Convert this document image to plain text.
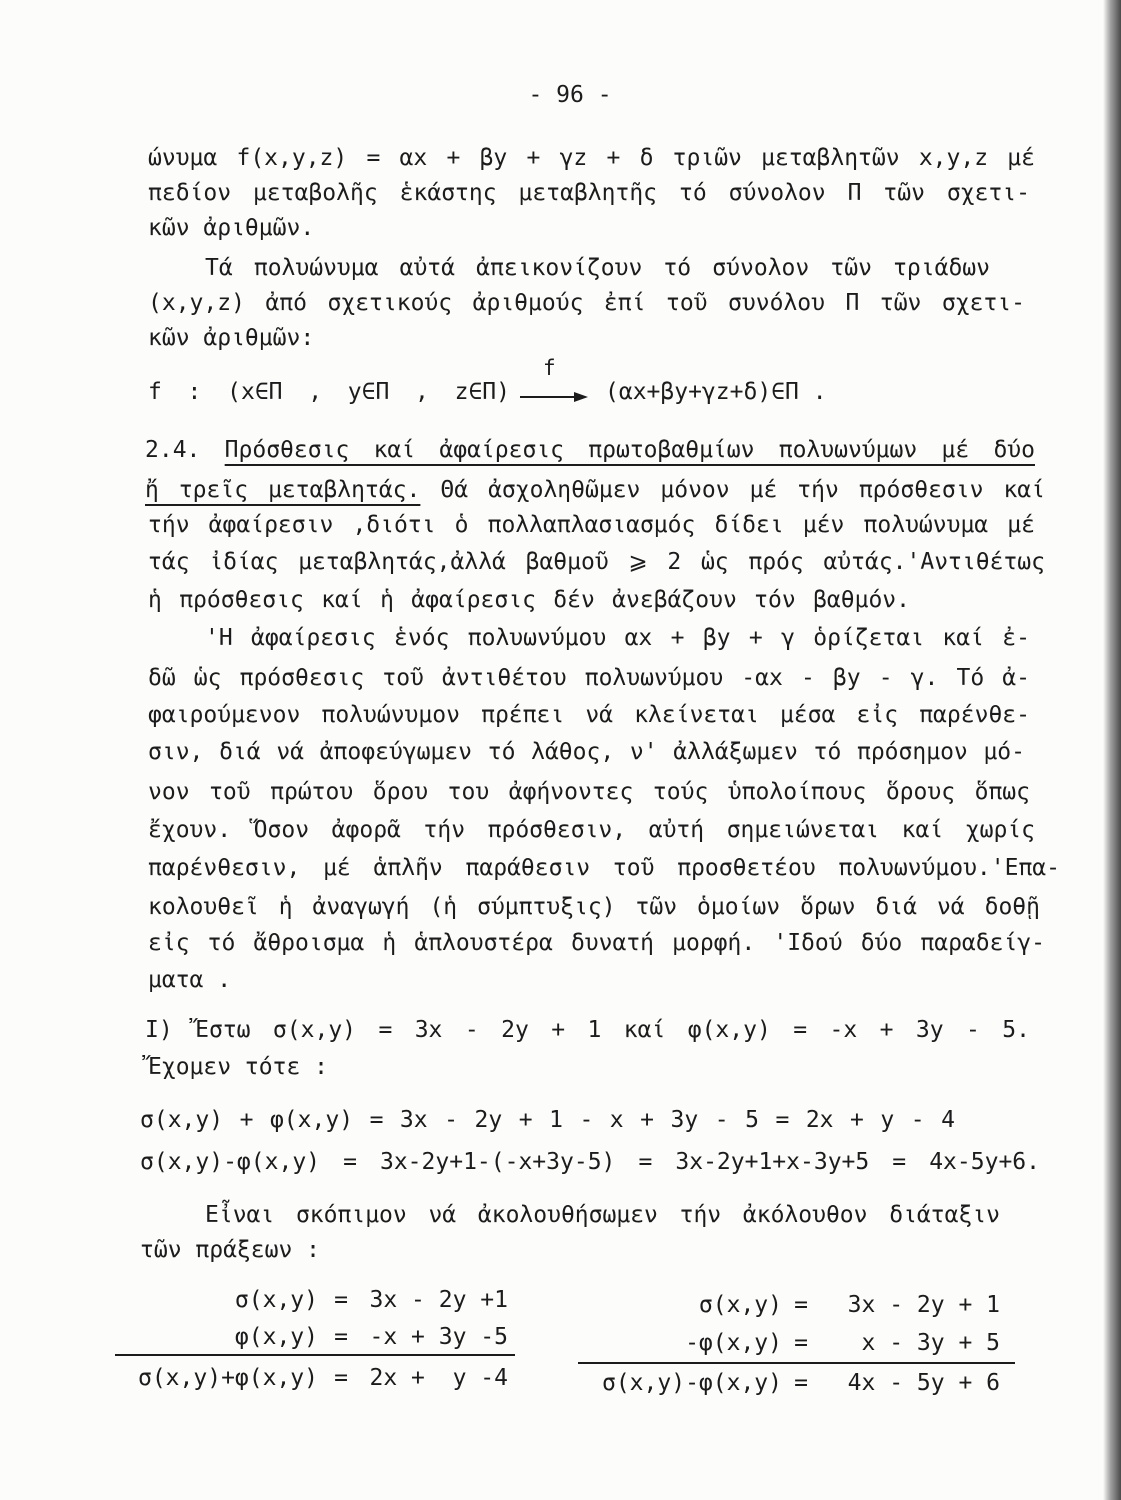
- 96 -
ώνυμα f(x,y,z) = αx + βy + γz + δ τριῶν μεταβλητῶν x,y,z μέ
πεδίον μεταβολῆς ἑκάστης μεταβλητῆς τό σύνολον Π τῶν σχετι-
κῶν ἀριθμῶν.
Τά πολυώνυμα αὐτά ἀπεικονίζουν τό σύνολον τῶν τριάδων
(x,y,z) ἀπό σχετικούς ἀριθμούς ἐπί τοῦ συνόλου Π τῶν σχετι-
κῶν ἀριθμῶν:
f : (x∈Π , y∈Π , z∈Π)
f
(αx+βy+γz+δ)∈Π .
2.4. Πρόσθεσις καί ἀφαίρεσις πρωτοβαθμίων πολυωνύμων μέ δύο
ἤ τρεῖς μεταβλητάς. Θά ἀσχοληθῶμεν μόνον μέ τήν πρόσθεσιν καί
τήν ἀφαίρεσιν ,διότι ὁ πολλαπλασιασμός δίδει μέν πολυώνυμα μέ
τάς ἰδίας μεταβλητάς,ἀλλά βαθμοῦ ⩾ 2 ὡς πρός αὐτάς.'Αντιθέτως
ἡ πρόσθεσις καί ἡ ἀφαίρεσις δέν ἀνεβάζουν τόν βαθμόν.
'Η ἀφαίρεσις ἑνός πολυωνύμου αx + βy + γ ὁρίζεται καί ἐ-
δῶ ὡς πρόσθεσις τοῦ ἀντιθέτου πολυωνύμου -αx - βy - γ. Τό ἀ-
φαιρούμενον πολυώνυμον πρέπει νά κλείνεται μέσα εἰς παρένθε-
σιν, διά νά ἀποφεύγωμεν τό λάθος, ν' ἀλλάξωμεν τό πρόσημον μό-
νον τοῦ πρώτου ὅρου του ἀφήνοντες τούς ὑπολοίπους ὅρους ὅπως
ἔχουν. Ὅσον ἀφορᾶ τήν πρόσθεσιν, αὐτή σημειώνεται καί χωρίς
παρένθεσιν, μέ ἁπλῆν παράθεσιν τοῦ προσθετέου πολυωνύμου.'Επα-
κολουθεῖ ἡ ἀναγωγή (ἡ σύμπτυξις) τῶν ὁμοίων ὅρων διά νά δοθῇ
εἰς τό ἄθροισμα ἡ ἁπλουστέρα δυνατή μορφή. 'Ιδού δύο παραδείγ-
ματα .
I) Ἔστω σ(x,y) = 3x - 2y + 1 καί φ(x,y) = -x + 3y - 5.
Ἔχομεν τότε :
σ(x,y) + φ(x,y) = 3x - 2y + 1 - x + 3y - 5 = 2x + y - 4
σ(x,y)-φ(x,y) = 3x-2y+1-(-x+3y-5) = 3x-2y+1+x-3y+5 = 4x-5y+6.
Εἶναι σκόπιμον νά ἀκολουθήσωμεν τήν ἀκόλουθον διάταξιν
τῶν πράξεων :
σ(x,y) = 3x - 2y +1
φ(x,y) = -x + 3y -5
σ(x,y)+φ(x,y) = 2x +  y -4
σ(x,y) =	3x - 2y + 1
-φ(x,y) =	x - 3y + 5
σ(x,y)-φ(x,y) =	4x - 5y + 6
